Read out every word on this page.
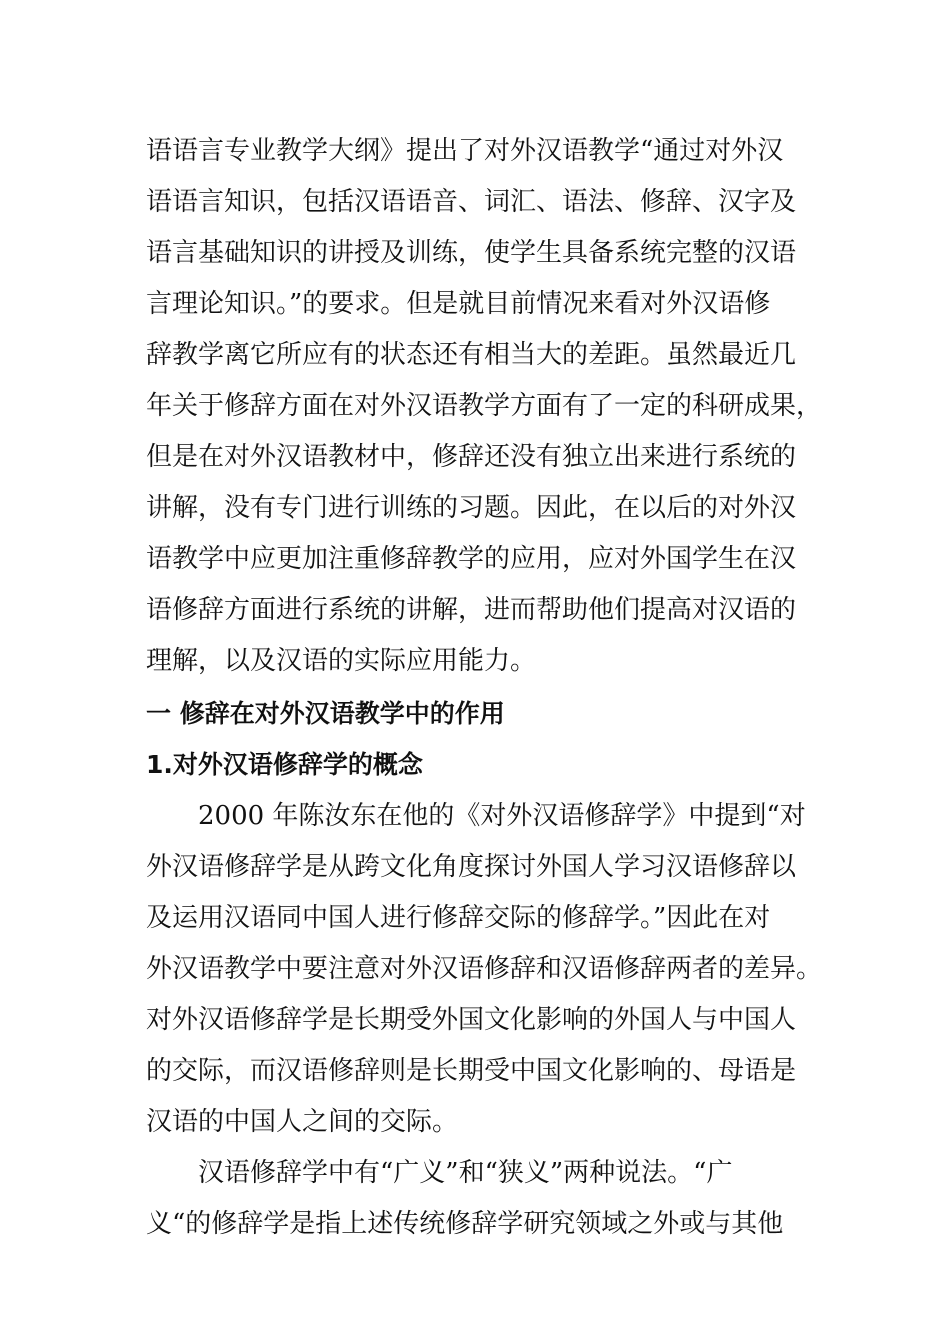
语语言专业教学大纲》提出了对外汉语教学“通过对外汉
语语言知识，包括汉语语音、词汇、语法、修辞、汉字及
语言基础知识的讲授及训练，使学生具备系统完整的汉语
言理论知识。”的要求。但是就目前情况来看对外汉语修
辞教学离它所应有的状态还有相当大的差距。虽然最近几
年关于修辞方面在对外汉语教学方面有了一定的科研成果，
但是在对外汉语教材中，修辞还没有独立出来进行系统的
讲解，没有专门进行训练的习题。因此，在以后的对外汉
语教学中应更加注重修辞教学的应用，应对外国学生在汉
语修辞方面进行系统的讲解，进而帮助他们提高对汉语的
理解，以及汉语的实际应用能力。
一 修辞在对外汉语教学中的作用
1.对外汉语修辞学的概念
2000 年陈汝东在他的《对外汉语修辞学》中提到“对
外汉语修辞学是从跨文化角度探讨外国人学习汉语修辞以
及运用汉语同中国人进行修辞交际的修辞学。”因此在对
外汉语教学中要注意对外汉语修辞和汉语修辞两者的差异。
对外汉语修辞学是长期受外国文化影响的外国人与中国人
的交际，而汉语修辞则是长期受中国文化影响的、母语是
汉语的中国人之间的交际。
汉语修辞学中有“广义”和“狭义”两种说法。“广
义“的修辞学是指上述传统修辞学研究领域之外或与其他
